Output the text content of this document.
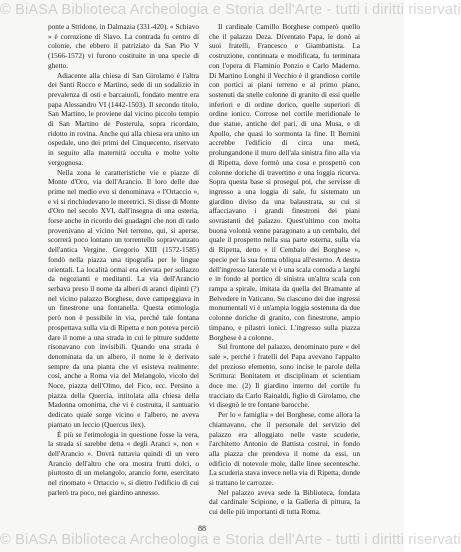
© BiASA Biblioteca Archeologia e Storia dell'Arte - tutti i diritti riservati

ponte a Stridone, in Dalmazia (331-420). « Schiavo » è corruzione di Slavo. La contrada fu centro di colonie, che ebbero il patriziato da San Pio V (1566-1572) vi furono costituite in una specie di ghetto.

Adiacente alla chiesa di San Girolamo è l'altra dei Santi Rocco e Martino, sede di un sodalizio in prevalenza di osti e barcaiuoli, fondato mentre era papa Alessandro VI (1442-1503). Il secondo titolo, San Martino, le proviene dal vicino piccolo tempio di San Martino de Posterula, sopra ricordato, ridotto in rovina. Anche qui alla chiesa era unito un ospedale, uno dei primi del Cinquecento, riservato in seguito alla maternità occulta e molte volte vergognosa.

Nella zona le caratteristiche vie e piazze di Monte d'Oro, via dell'Arancio. Il loro delle due prime nel medio evo si denominava « l'Ortaccio », e vi si rinchiudevano le meretrici. Si disse di Monte d'Oro nel secolo XVI, dall'insegna di una osteria, forse anche in ricordo dei guadagni che non di rado provenivano al vicino Nel terreno, qui, si aperse, scorrerà poco lontano un torrentello sopravvanzato dell'antica Vergine. Gregorio XIII (1572-1585) fondò nella piazza una tipografia per le lingue orientali. La località ormai era elevata per sollazzo da negozianti e meditanti. La via dell'Arancio serbava preso il nome da alberi di aranci dipinti (?) nel vicino palazzo Borghese, dove campeggiava in un finestrone una fontanella. Questa etimologia però non è possibile in via, perché tale fontana prospettava sulla via di Ripetta e non poteva perciò dare il nome a una strada in cui le pitture suddette risonavano con invisibili. Quando una strada è denominata da un albero, il nome le è derivato sempre da una pianta che vi esisteva realmente: così, anche a Roma via del Melangolo, vicolo del Noce, piazza dell'Olmo, del Fico, ecc. Persino a piazza della Quercia, intitolata alla chiesa della Madonna omonima, che vi è costruita, il santuario dedicato quale sorge vicino e l'albero, ne aveva piantato un leccio (Quercus ilex).

È più se l'etimologia in questione fosse la vera, la strada si sarebbe detta « degli Aranci », non « dell'Arancio ». Dovrà tuttavia quindi di un vero Arancio dell'altro che ora mostra frutti dolci, o piuttosto di un melangolo, arancio forte, esercitato nel rinomato « Ortaccio », si dietro l'edificio di cui parlerò tra poco, nel giardino annesso.

Il cardinale Camillo Borghese comperò quello che il palazzo Deza. Diventato Papa, le donò ai suoi fratelli, Francesco e Giambattista. La costruzione, continuata e modificata, fu terminata con l'opera di Flaminio Ponzio e Carlo Maderno. Di Martino Longhi il Vecchio è il grandioso cortile con portici ai piani terreno e al primo piano, sostenuti da snelle colonne di granito di essi quelle inferiori e di ordine dorico, quelle superiori di ordine ionico. Corrose nel cortile meridionale le due statue, antiche del pari, di una Musa, e di Apollo, che quasi lo sormonta la fine. Il Bernini accrebbe l'edificio di circa una metà, prolungandone il muro dell'ala sinistra fino alla via di Ripetta, dove formò una cosa e prospettò con colonne doriche di travertino e una loggia ricurva. Sopra questa base si proseguì poi, che servisse di ingresso a una loggia di sale, fu sistemato un giardino diviso da una balaustrata, su cui si affacciavano i grandi finestroni dei piani sovrastanti del palazzo. Quest'ultimo con molta buona volontà venne paragonato a un cembalo, del quale il prospetto nella sua parte esterna, sulla via di Ripetta, detto « il Cembalo dei Borghese », specie per la sua forma obliqua all'esterno. A destra dell'ingresso laterale vi è una scala comoda a larghi e in fondo al portico di sinistra un'altra scala con rampa a spirale, imitata da quella del Bramante al Belvedere in Vaticano. Su ciascuno dei due ingressi monumentali vi è un'ampia loggia sostenuta da due colonne doriche di granito, con finestrone, ampio timpano, e pilastri ionici. L'ingresso sulla piazza Borghese è a colonne.

Sul frontone del palazzo, denominato pure « del sale », perché i fratelli del Papa avevano l'appalto del prezioso elemento, sono incise le parole della Scrittura: Bonitatem et disciplinam et scientiam doce me. (2) Il giardino interno del cortile fu tracciato da Carlo Rainaldi, figlio di Girolamo, che vi disegnò le tre fontane barocche.

Per lo « famiglia » dei Borghese, come allora la chiamavano, che il personale del servizio del palazzo era alloggiato nelle vaste scuderie, l'architetto Antonio de Battista costruì, in fondo alla piazza che prendeva il nome da essi, un edificio di notevole mole, dalle linee secentesche. La scuderia stava invece nella via di Ripetta, donde si trattano le carrozze.

Nel palazzo aveva sede la Biblioteca, fondata dal cardinale Scipione, e la Galleria di pittura, la cui delle più importanti di tutta Roma.

88
© BiASA Biblioteca Archeologia e Storia dell'Arte - tutti i diritti riservati
